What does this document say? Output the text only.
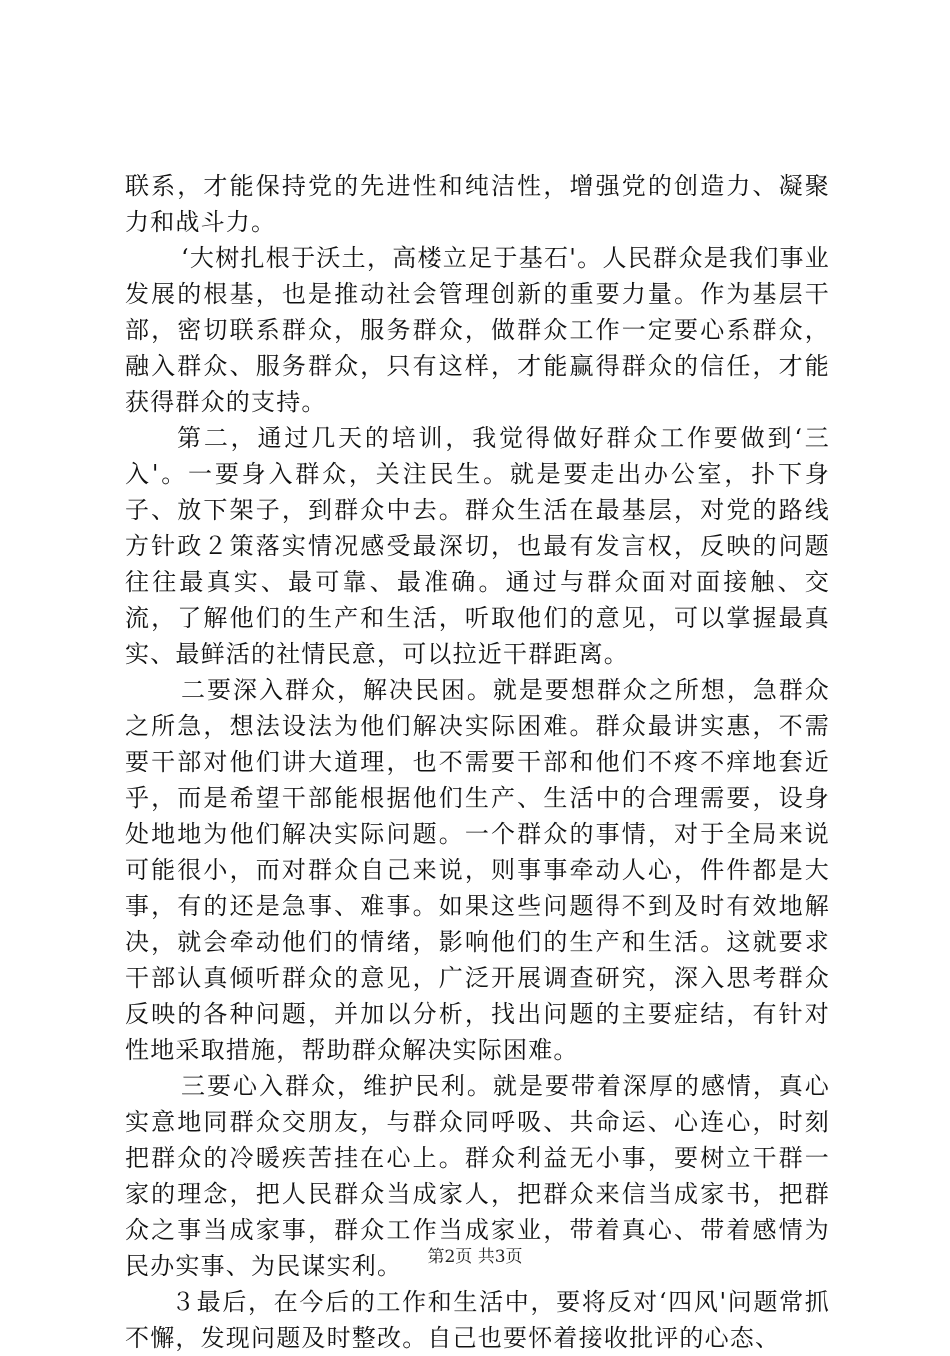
联系，才能保持党的先进性和纯洁性，增强党的创造力、凝聚力和战斗力。

‘大树扎根于沃土，高楼立足于基石'。人民群众是我们事业发展的根基，也是推动社会管理创新的重要力量。作为基层干部，密切联系群众，服务群众，做群众工作一定要心系群众，融入群众、服务群众，只有这样，才能赢得群众的信任，才能获得群众的支持。

第二，通过几天的培训，我觉得做好群众工作要做到‘三入'。一要身入群众，关注民生。就是要走出办公室，扑下身子、放下架子，到群众中去。群众生活在最基层，对党的路线方针政２策落实情况感受最深切，也最有发言权，反映的问题往往最真实、最可靠、最准确。通过与群众面对面接触、交流，了解他们的生产和生活，听取他们的意见，可以掌握最真实、最鲜活的社情民意，可以拉近干群距离。

二要深入群众，解决民困。就是要想群众之所想，急群众之所急，想法设法为他们解决实际困难。群众最讲实惠，不需要干部对他们讲大道理，也不需要干部和他们不疼不痒地套近乎，而是希望干部能根据他们生产、生活中的合理需要，设身处地地为他们解决实际问题。一个群众的事情，对于全局来说可能很小，而对群众自己来说，则事事牵动人心，件件都是大事，有的还是急事、难事。如果这些问题得不到及时有效地解决，就会牵动他们的情绪，影响他们的生产和生活。这就要求干部认真倾听群众的意见，广泛开展调查研究，深入思考群众反映的各种问题，并加以分析，找出问题的主要症结，有针对性地采取措施，帮助群众解决实际困难。

三要心入群众，维护民利。就是要带着深厚的感情，真心实意地同群众交朋友，与群众同呼吸、共命运、心连心，时刻把群众的冷暖疾苦挂在心上。群众利益无小事，要树立干群一家的理念，把人民群众当成家人，把群众来信当成家书，把群众之事当成家事，群众工作当成家业，带着真心、带着感情为民办实事、为民谋实利。

３最后，在今后的工作和生活中，要将反对‘四风'问题常抓不懈，发现问题及时整改。自己也要怀着接收批评的心态、

第2页 共3页
